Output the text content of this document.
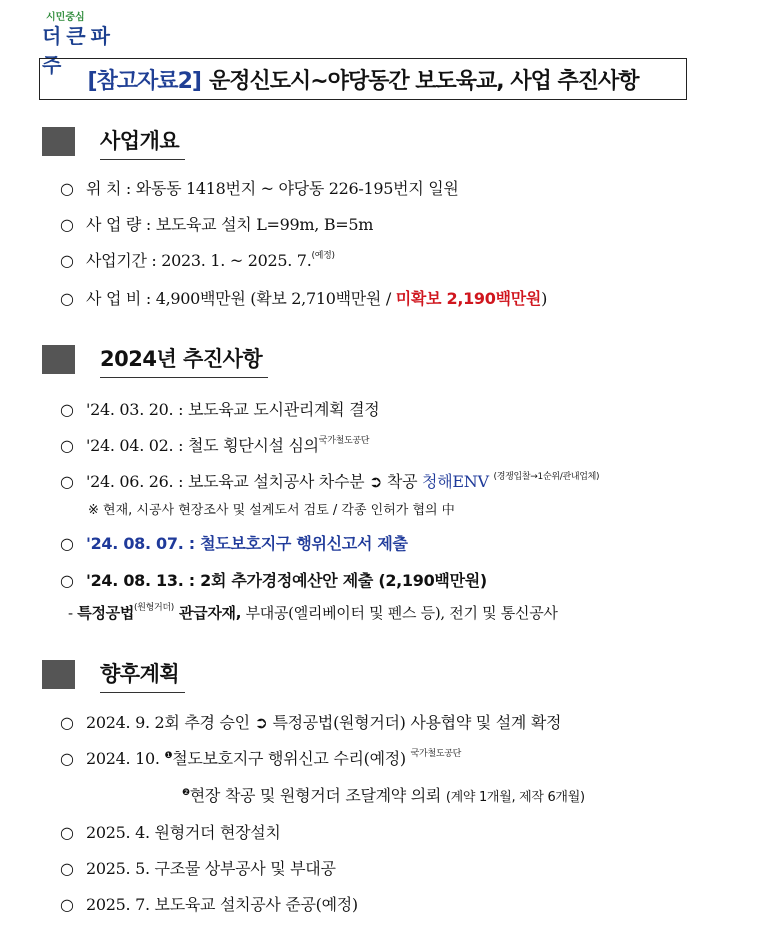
시민중심
더 큰 파주
[참고자료2] 운정신도시~야당동간 보도육교, 사업 추진사항
사업개요
○ 위 치 : 와동동 1418번지 ~ 야당동 226-195번지 일원
○ 사 업 량 : 보도육교 설치 L=99m, B=5m
○ 사업기간 : 2023. 1. ~ 2025. 7.$^{(예정)}$
○ 사 업 비 : 4,900백만원 (확보 2,710백만원 / 미확보 2,190백만원)
2024년 추진사항
○ '24. 03. 20. : 보도육교 도시관리계획 결정
○ '24. 04. 02. : 철도 횡단시설 심의$^{국가철도공단}$
○ '24. 06. 26. : 보도육교 설치공사 차수분 ➲ 착공 청해ENV $^{(경쟁입찰\to 1순위/관내업체)}$
※ 현재, 시공사 현장조사 및 설계도서 검토 / 각종 인허가 협의 中
○ '24. 08. 07. : 철도보호지구 행위신고서 제출
○ '24. 08. 13. : 2회 추가경정예산안 제출 (2,190백만원)
- 특정공법$^{(원형거더)}$ 관급자재, 부대공(엘리베이터 및 펜스 등), 전기 및 통신공사
향후계획
○ 2024. 9. 2회 추경 승인 ➲ 특정공법(원형거더) 사용협약 및 설계 확정
○ 2024. 10. $^❶$철도보호지구 행위신고 수리(예정) $^{국가철도공단}$
$^❷$현장 착공 및 원형거더 조달계약 의뢰 (계약 1개월, 제작 6개월)
○ 2025. 4. 원형거더 현장설치
○ 2025. 5. 구조물 상부공사 및 부대공
○ 2025. 7. 보도육교 설치공사 준공(예정)
